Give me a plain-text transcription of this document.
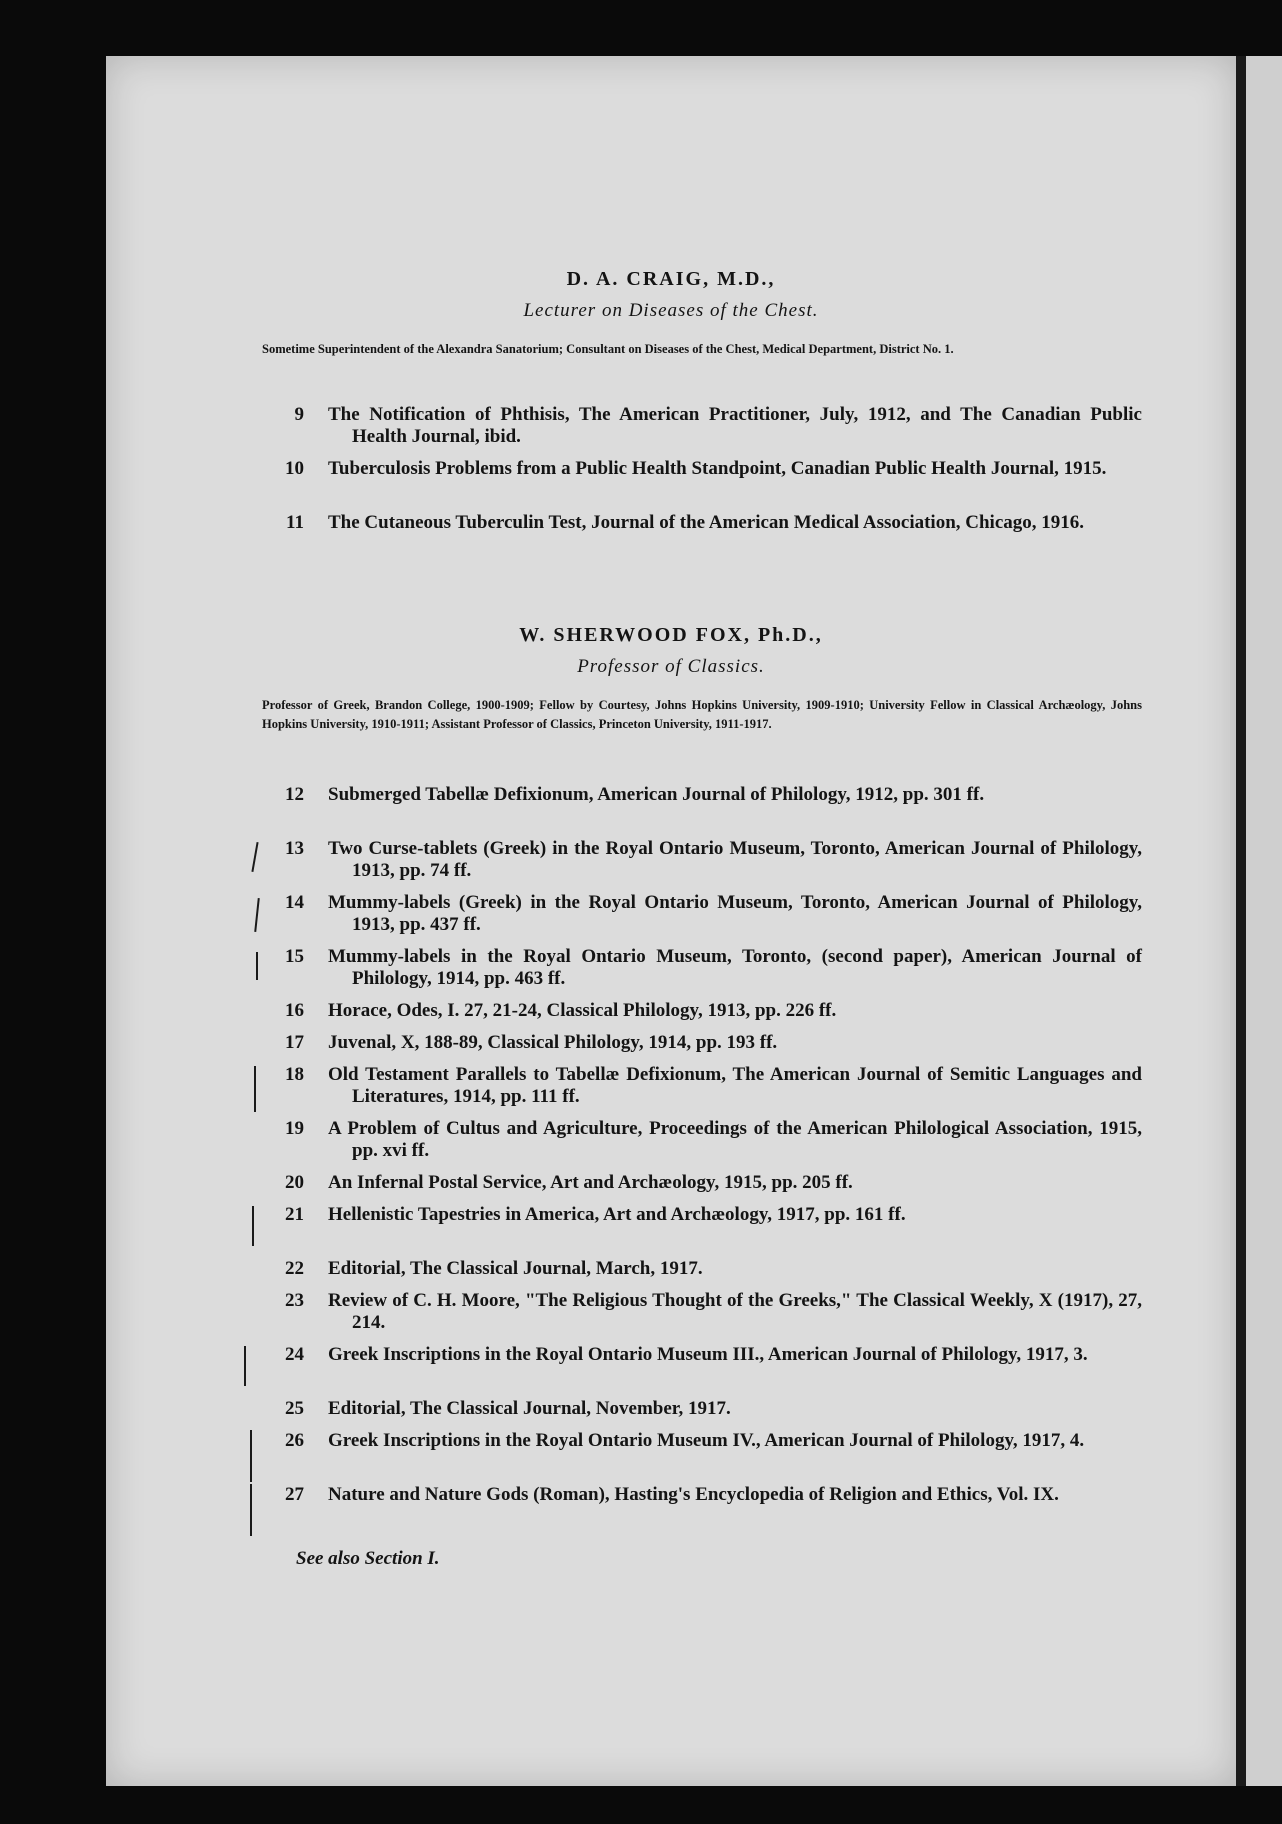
D. A. CRAIG, M.D.,
Lecturer on Diseases of the Chest.
Sometime Superintendent of the Alexandra Sanatorium; Consultant on Diseases of the Chest, Medical Department, District No. 1.
9 The Notification of Phthisis, The American Practitioner, July, 1912, and The Canadian Public Health Journal, ibid.
10 Tuberculosis Problems from a Public Health Standpoint, Canadian Public Health Journal, 1915.
11 The Cutaneous Tuberculin Test, Journal of the American Medical Association, Chicago, 1916.
W. SHERWOOD FOX, Ph.D.,
Professor of Classics.
Professor of Greek, Brandon College, 1900-1909; Fellow by Courtesy, Johns Hopkins University, 1909-1910; University Fellow in Classical Archæology, Johns Hopkins University, 1910-1911; Assistant Professor of Classics, Princeton University, 1911-1917.
12 Submerged Tabellæ Defixionum, American Journal of Philology, 1912, pp. 301 ff.
13 Two Curse-tablets (Greek) in the Royal Ontario Museum, Toronto, American Journal of Philology, 1913, pp. 74 ff.
14 Mummy-labels (Greek) in the Royal Ontario Museum, Toronto, American Journal of Philology, 1913, pp. 437 ff.
15 Mummy-labels in the Royal Ontario Museum, Toronto, (second paper), American Journal of Philology, 1914, pp. 463 ff.
16 Horace, Odes, I. 27, 21-24, Classical Philology, 1913, pp. 226 ff.
17 Juvenal, X, 188-89, Classical Philology, 1914, pp. 193 ff.
18 Old Testament Parallels to Tabellæ Defixionum, The American Journal of Semitic Languages and Literatures, 1914, pp. 111 ff.
19 A Problem of Cultus and Agriculture, Proceedings of the American Philological Association, 1915, pp. xvi ff.
20 An Infernal Postal Service, Art and Archæology, 1915, pp. 205 ff.
21 Hellenistic Tapestries in America, Art and Archæology, 1917, pp. 161 ff.
22 Editorial, The Classical Journal, March, 1917.
23 Review of C. H. Moore, "The Religious Thought of the Greeks," The Classical Weekly, X (1917), 27, 214.
24 Greek Inscriptions in the Royal Ontario Museum III., American Journal of Philology, 1917, 3.
25 Editorial, The Classical Journal, November, 1917.
26 Greek Inscriptions in the Royal Ontario Museum IV., American Journal of Philology, 1917, 4.
27 Nature and Nature Gods (Roman), Hasting's Encyclopedia of Religion and Ethics, Vol. IX.
See also Section I.
